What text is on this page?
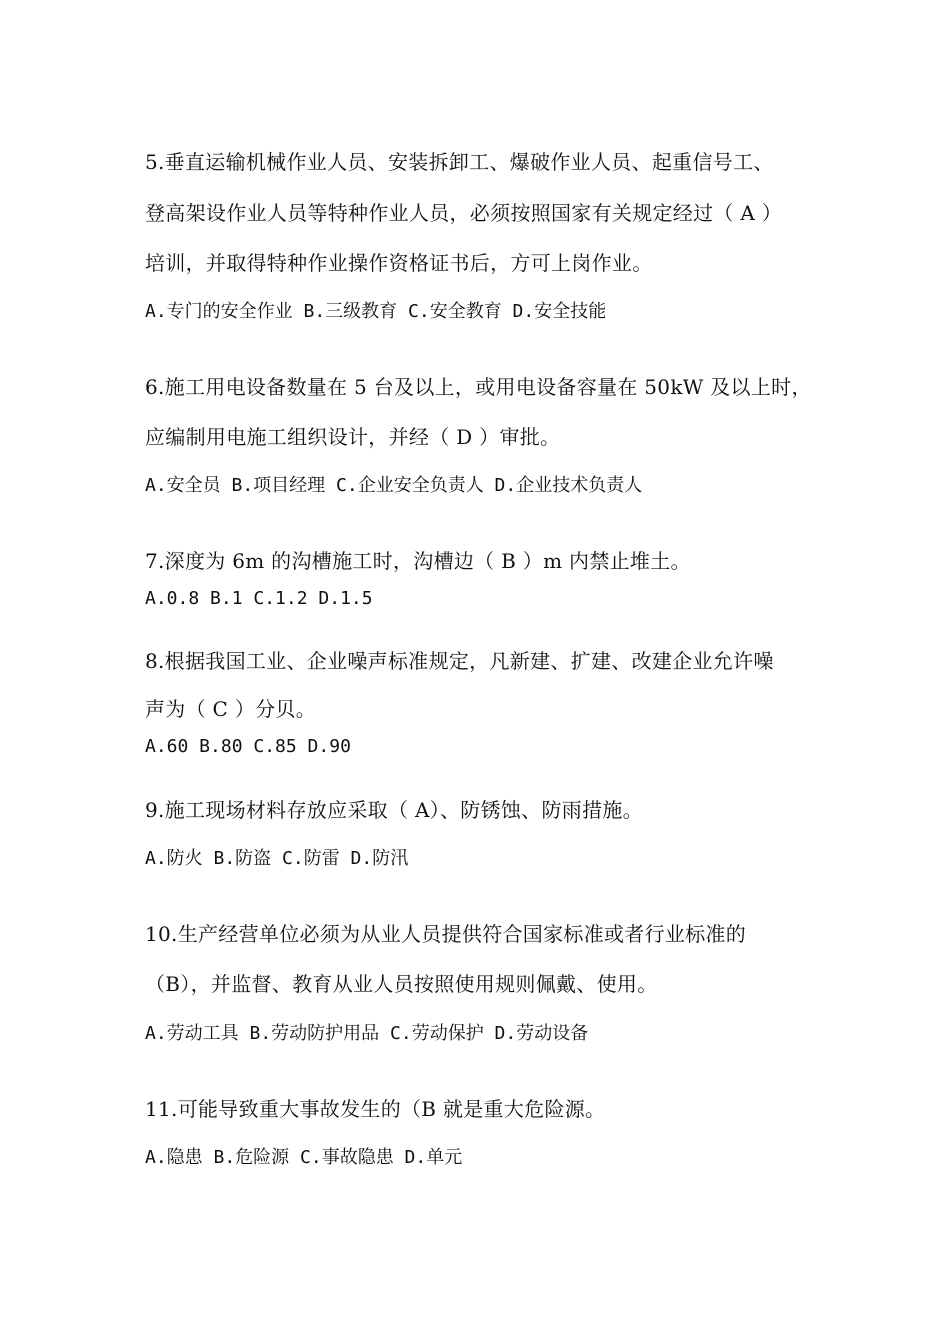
5.垂直运输机械作业人员、安装拆卸工、爆破作业人员、起重信号工、
登高架设作业人员等特种作业人员，必须按照国家有关规定经过（ A ）
培训，并取得特种作业操作资格证书后，方可上岗作业。
A.专门的安全作业 B.三级教育 C.安全教育 D.安全技能
6.施工用电设备数量在 5 台及以上，或用电设备容量在 50kW 及以上时，
应编制用电施工组织设计，并经（ D ）审批。
A.安全员 B.项目经理 C.企业安全负责人 D.企业技术负责人
7.深度为 6m 的沟槽施工时，沟槽边（ B ）m 内禁止堆土。
A.0.8 B.1 C.1.2 D.1.5
8.根据我国工业、企业噪声标准规定，凡新建、扩建、改建企业允许噪
声为（ C ）分贝。
A.60 B.80 C.85 D.90
9.施工现场材料存放应采取（ A）、防锈蚀、防雨措施。
A.防火 B.防盗 C.防雷 D.防汛
10.生产经营单位必须为从业人员提供符合国家标准或者行业标准的
（B），并监督、教育从业人员按照使用规则佩戴、使用。
A.劳动工具 B.劳动防护用品 C.劳动保护 D.劳动设备
11.可能导致重大事故发生的（B 就是重大危险源。
A.隐患 B.危险源 C.事故隐患 D.单元
